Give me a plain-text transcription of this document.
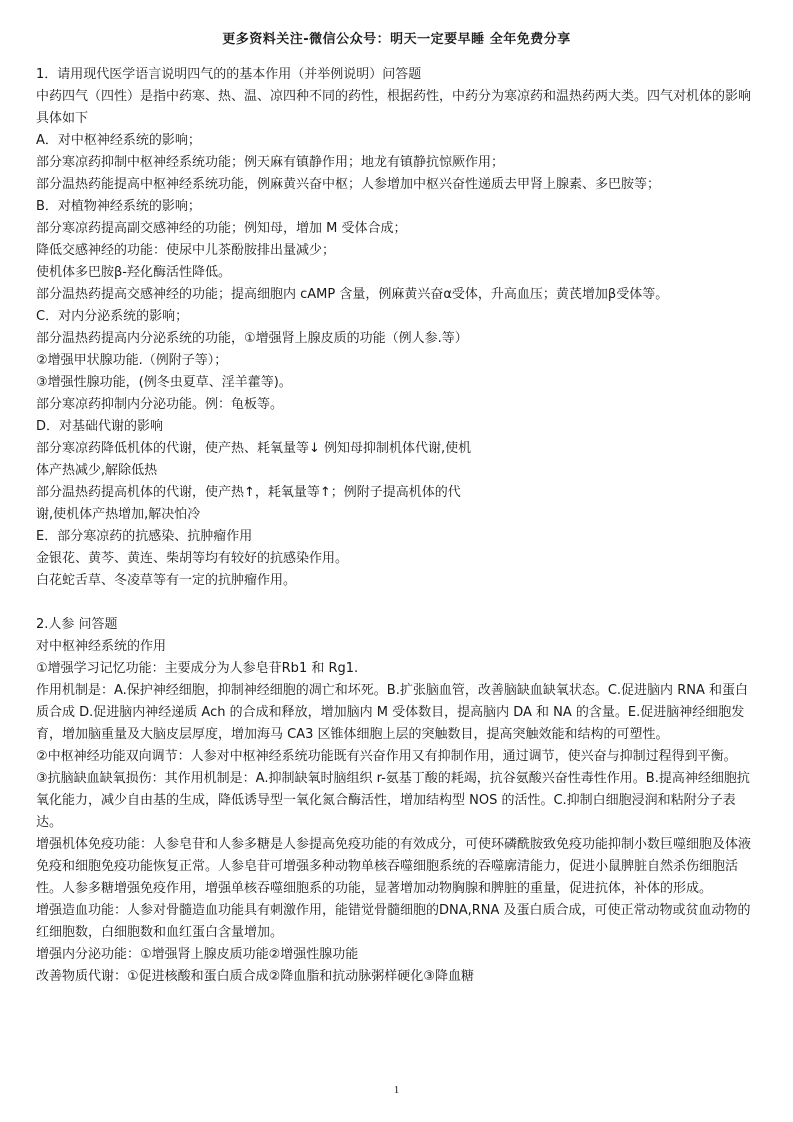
更多资料关注-微信公众号：明天一定要早睡 全年免费分享

1．请用现代医学语言说明四气的的基本作用（并举例说明）问答题

中药四气（四性）是指中药寒、热、温、凉四种不同的药性，根据药性，中药分为寒凉药和温热药两大类。四气对机体的影响具体如下

A．对中枢神经系统的影响；

部分寒凉药抑制中枢神经系统功能；例天麻有镇静作用；地龙有镇静抗惊厥作用；

部分温热药能提高中枢神经系统功能，例麻黄兴奋中枢；人参增加中枢兴奋性递质去甲肾上腺素、多巴胺等；

B．对植物神经系统的影响；

部分寒凉药提高副交感神经的功能；例知母，增加 M 受体合成；

降低交感神经的功能：使尿中儿茶酚胺排出量减少；

使机体多巴胺β-羟化酶活性降低。

部分温热药提高交感神经的功能；提高细胞内 cAMP 含量，例麻黄兴奋α受体，升高血压；黄芪增加β受体等。

C．对内分泌系统的影响；

部分温热药提高内分泌系统的功能，①增强肾上腺皮质的功能（例人参.等）

②增强甲状腺功能.（例附子等）；

③增强性腺功能，(例冬虫夏草、淫羊藿等)。

部分寒凉药抑制内分泌功能。例：龟板等。

D．对基础代谢的影响

部分寒凉药降低机体的代谢，使产热、耗氧量等↓ 例知母抑制机体代谢,使机

体产热减少,解除低热

部分温热药提高机体的代谢，使产热↑，耗氧量等↑；例附子提高机体的代

谢,使机体产热增加,解决怕冷

E．部分寒凉药的抗感染、抗肿瘤作用

金银花、黄芩、黄连、柴胡等均有较好的抗感染作用。

白花蛇舌草、冬凌草等有一定的抗肿瘤作用。

2.人参 问答题

对中枢神经系统的作用

①增强学习记忆功能：主要成分为人参皂苷Rb1 和 Rg1.

作用机制是：A.保护神经细胞，抑制神经细胞的凋亡和坏死。B.扩张脑血管，改善脑缺血缺氧状态。C.促进脑内 RNA 和蛋白质合成 D.促进脑内神经递质 Ach 的合成和释放，增加脑内 M 受体数目，提高脑内 DA 和 NA 的含量。E.促进脑神经细胞发育，增加脑重量及大脑皮层厚度，增加海马 CA3 区锥体细胞上层的突触数目，提高突触效能和结构的可塑性。

②中枢神经功能双向调节：人参对中枢神经系统功能既有兴奋作用又有抑制作用，通过调节，使兴奋与抑制过程得到平衡。

③抗脑缺血缺氧损伤：其作用机制是：A.抑制缺氧时脑组织 r-氨基丁酸的耗竭，抗谷氨酸兴奋性毒性作用。B.提高神经细胞抗氧化能力，减少自由基的生成，降低诱导型一氧化氮合酶活性，增加结构型 NOS 的活性。C.抑制白细胞浸润和粘附分子表达。

增强机体免疫功能：人参皂苷和人参多糖是人参提高免疫功能的有效成分，可使环磷酰胺致免疫功能抑制小数巨噬细胞及体液免疫和细胞免疫功能恢复正常。人参皂苷可增强多种动物单核吞噬细胞系统的吞噬廓清能力，促进小鼠脾脏自然杀伤细胞活性。人参多糖增强免疫作用，增强单核吞噬细胞系的功能，显著增加动物胸腺和脾脏的重量，促进抗体，补体的形成。

增强造血功能：人参对骨髓造血功能具有刺激作用，能错觉骨髓细胞的DNA,RNA 及蛋白质合成，可使正常动物或贫血动物的红细胞数，白细胞数和血红蛋白含量增加。

增强内分泌功能：①增强肾上腺皮质功能②增强性腺功能

改善物质代谢：①促进核酸和蛋白质合成②降血脂和抗动脉粥样硬化③降血糖

1
